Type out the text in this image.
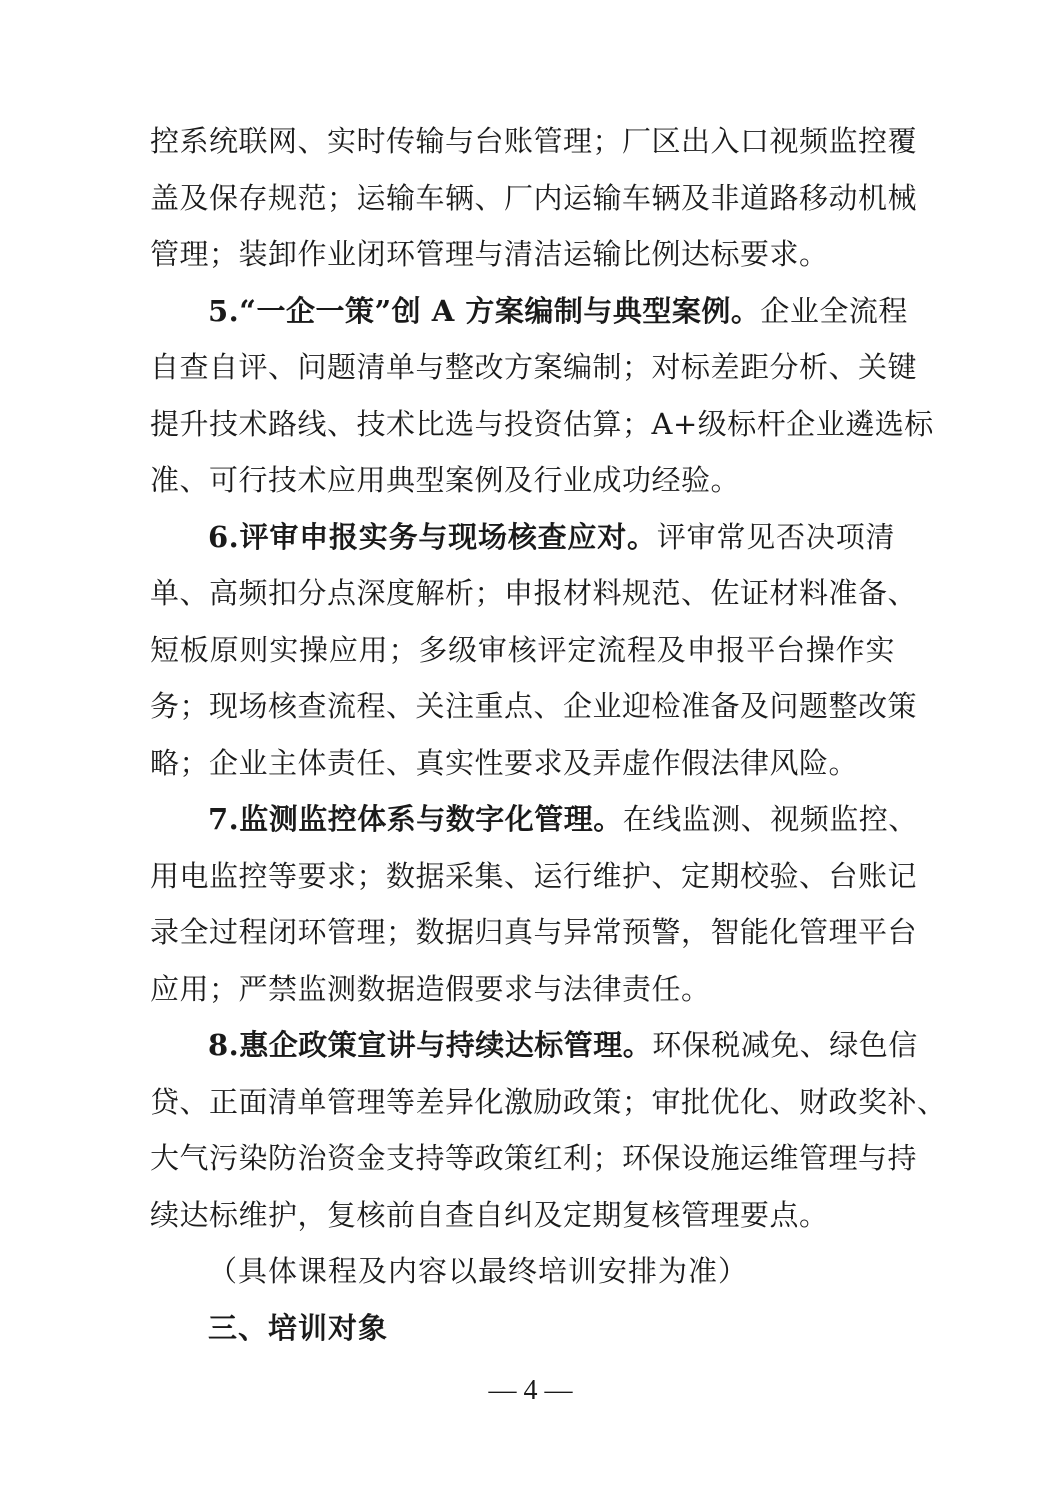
控系统联网、实时传输与台账管理；厂区出入口视频监控覆
盖及保存规范；运输车辆、厂内运输车辆及非道路移动机械
管理；装卸作业闭环管理与清洁运输比例达标要求。
5.“一企一策”创 A 方案编制与典型案例。企业全流程
自查自评、问题清单与整改方案编制；对标差距分析、关键
提升技术路线、技术比选与投资估算；A+级标杆企业遴选标
准、可行技术应用典型案例及行业成功经验。
6.评审申报实务与现场核查应对。评审常见否决项清
单、高频扣分点深度解析；申报材料规范、佐证材料准备、
短板原则实操应用；多级审核评定流程及申报平台操作实
务；现场核查流程、关注重点、企业迎检准备及问题整改策
略；企业主体责任、真实性要求及弄虚作假法律风险。
7.监测监控体系与数字化管理。在线监测、视频监控、
用电监控等要求；数据采集、运行维护、定期校验、台账记
录全过程闭环管理；数据归真与异常预警，智能化管理平台
应用；严禁监测数据造假要求与法律责任。
8.惠企政策宣讲与持续达标管理。环保税减免、绿色信
贷、正面清单管理等差异化激励政策；审批优化、财政奖补、
大气污染防治资金支持等政策红利；环保设施运维管理与持
续达标维护，复核前自查自纠及定期复核管理要点。
（具体课程及内容以最终培训安排为准）
三、培训对象
— 4 —
